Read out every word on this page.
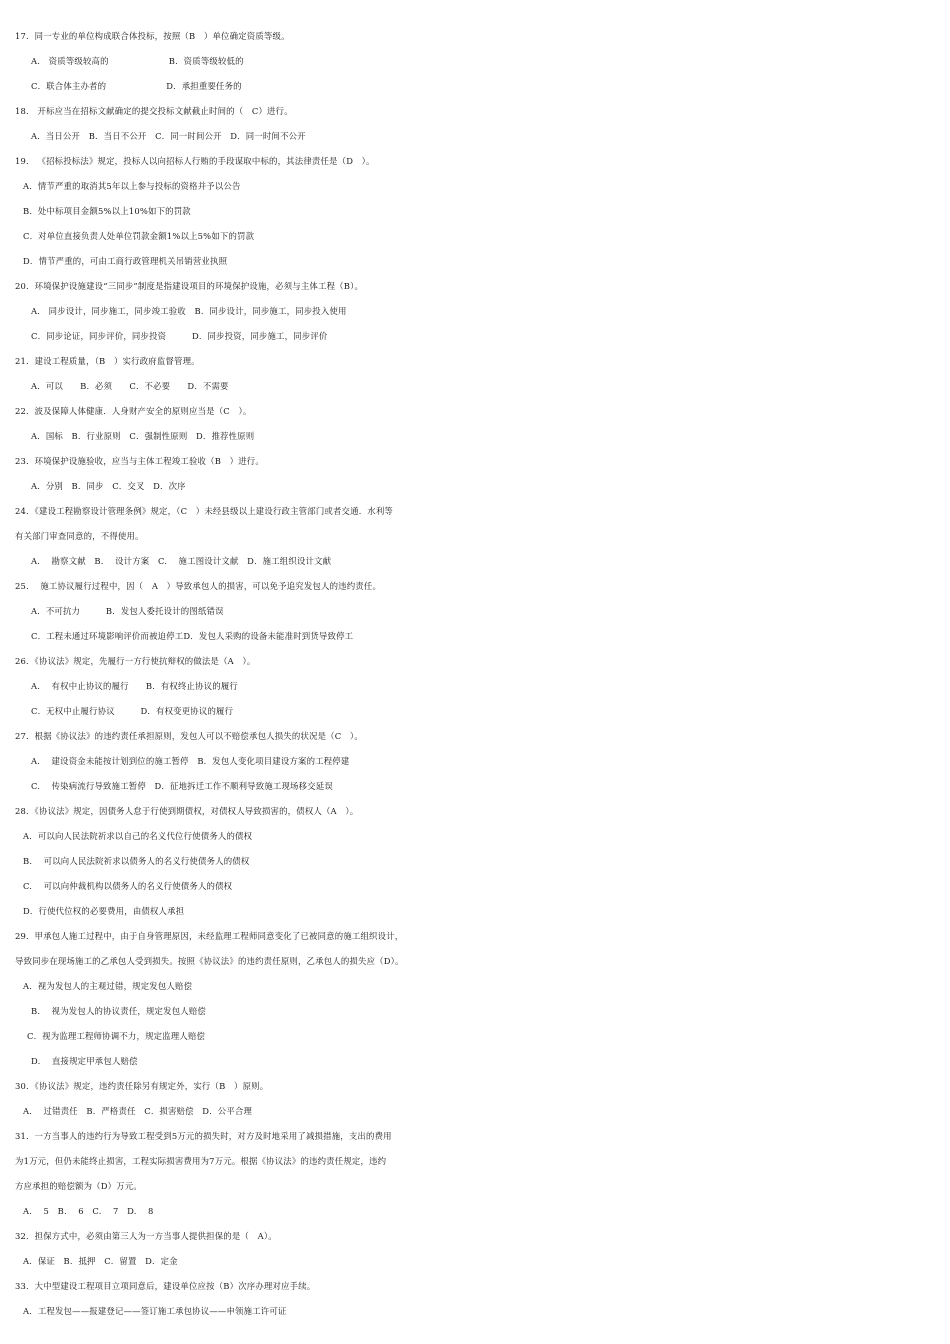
17．同一专业的单位构成联合体投标，按照（B　）单位确定资质等级。
A.　资质等级较高的　　　　　　　B．资质等级较低的
C．联合体主办者的　　　　　　　D．承担重要任务的
18． 开标应当在招标文献确定的提交投标文献截止时间的（　C）进行。
A．当日公开　B．当日不公开　C．同一时间公开　D．同一时间不公开
19． 《招标投标法》规定，投标人以向招标人行贿的手段谋取中标的，其法律责任是（D　）。
A．情节严重的取消其5年以上参与投标的资格并予以公告
B．处中标项目金额5%以上10%如下的罚款
C．对单位直接负责人处单位罚款金额1%以上5%如下的罚款
D．情节严重的，可由工商行政管理机关吊销营业执照
20．环境保护设施建设“三同步”制度是指建设项目的环境保护设施，必须与主体工程（B）。
A.　同步设计，同步施工，同步竣工验收　B．同步设计，同步施工，同步投入使用
C．同步论证，同步评价，同步投资　　　D．同步投资，同步施工，同步评价
21．建设工程质量，（B　）实行政府监督管理。
A．可以　　B．必须　　C．不必要　　D．不需要
22．波及保障人体健康．人身财产安全的原则应当是（C　）。
A．国标　B．行业原则　C．强制性原则　D．推荐性原则
23．环境保护设施验收，应当与主体工程竣工验收（B　）进行。
A．分别　B．同步　C．交叉　D．次序
24．《建设工程勘察设计管理条例》规定，（C　）未经县级以上建设行政主管部门或者交通．水利等
有关部门审查同意的，不得使用。
A.　 勘察文献　B.　 设计方案　C.　 施工图设计文献　D．施工组织设计文献
25.　 施工协议履行过程中，因（　A　）导致承包人的损害，可以免予追究发包人的违约责任。
A．不可抗力　　　B．发包人委托设计的图纸错误
C．工程未通过环境影响评价而被迫停工D．发包人采购的设备未能准时到货导致停工
26．《协议法》规定，先履行一方行使抗辩权的做法是（A　）。
A.　 有权中止协议的履行　　B．有权终止协议的履行
C．无权中止履行协议　　　D．有权变更协议的履行
27．根据《协议法》的违约责任承担原则，发包人可以不赔偿承包人损失的状况是（C　）。
A.　 建设资金未能按计划到位的施工暂停　B．发包人变化项目建设方案的工程停建
C.　 传染病流行导致施工暂停　D．征地拆迁工作不顺利导致施工现场移交延误
28．《协议法》规定，因债务人怠于行使到期债权，对债权人导致损害的，债权人（A　）。
A．可以向人民法院祈求以自己的名义代位行使债务人的债权
B.　 可以向人民法院祈求以债务人的名义行使债务人的债权
C.　 可以向仲裁机构以债务人的名义行使债务人的债权
D．行使代位权的必要费用，由债权人承担
29．甲承包人施工过程中，由于自身管理原因，未经监理工程师同意变化了已被同意的施工组织设计，
导致同步在现场施工的乙承包人受到损失。按照《协议法》的违约责任原则，乙承包人的损失应（D）。
A．视为发包人的主观过错，规定发包人赔偿
B.　 视为发包人的协议责任，规定发包人赔偿
C．视为监理工程师协调不力，规定监理人赔偿
D.　 直接规定甲承包人赔偿
30．《协议法》规定，违约责任除另有规定外，实行（B　）原则。
A.　 过错责任　B．严格责任　C．损害赔偿　D．公平合理
31．一方当事人的违约行为导致工程受到5万元的损失时，对方及时地采用了减损措施，支出的费用
为1万元，但仍未能终止损害，工程实际损害费用为7万元。根据《协议法》的违约责任规定，违约
方应承担的赔偿额为（D）万元。
A.　 5　B.　 6　C.　 7　D.　 8
32．担保方式中，必须由第三人为一方当事人提供担保的是（　A）。
A．保证　B．抵押　C．留置　D．定金
33．大中型建设工程项目立项同意后，建设单位应按（B）次序办理对应手续。
A．工程发包——报建登记——签订施工承包协议——申领施工许可证
